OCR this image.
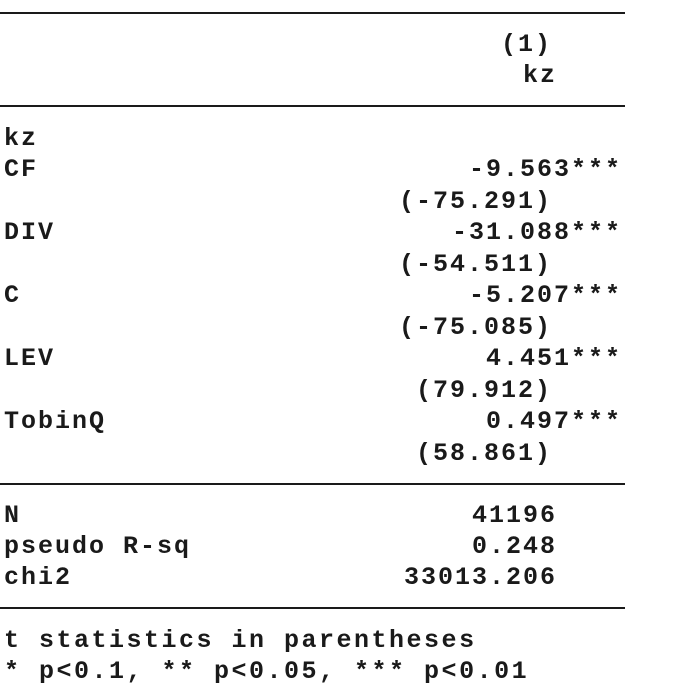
(1)
kz
kz
CF	-9.563***
(-75.291)
DIV	-31.088***
(-54.511)
C	-5.207***
(-75.085)
LEV	4.451***
(79.912)
TobinQ	0.497***
(58.861)
N	41196
pseudo R-sq	0.248
chi2	33013.206
t statistics in parentheses
* p<0.1, ** p<0.05, *** p<0.01
